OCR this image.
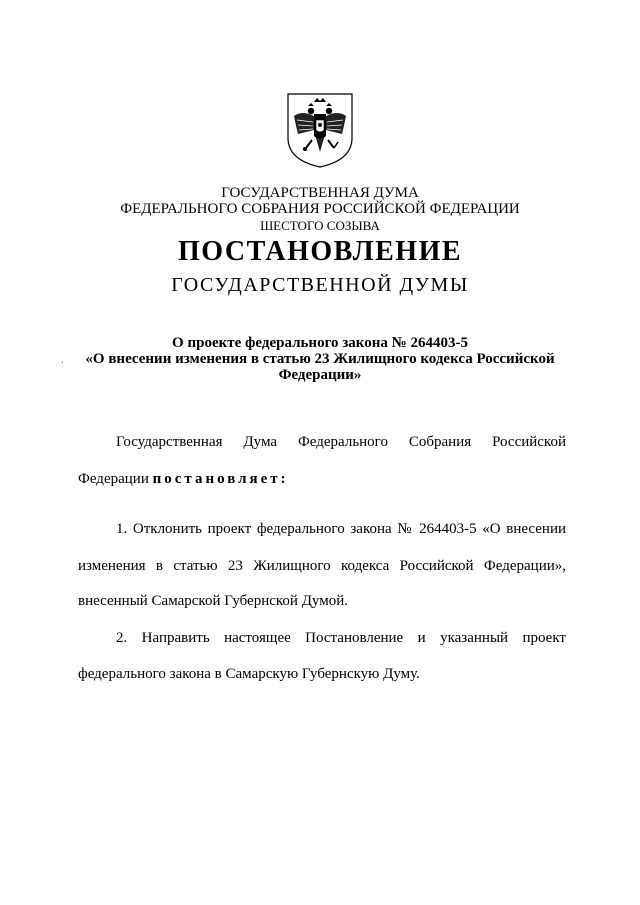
ГОСУДАРСТВЕННАЯ ДУМА
ФЕДЕРАЛЬНОГО СОБРАНИЯ РОССИЙСКОЙ ФЕДЕРАЦИИ
ШЕСТОГО СОЗЫВА
ПОСТАНОВЛЕНИЕ
ГОСУДАРСТВЕННОЙ ДУМЫ
.
О проекте федерального закона № 264403-5
«О внесении изменения в статью 23 Жилищного кодекса Российской
Федерации»
Государственная Дума Федерального Собрания Российской
Федерации постановляет:
1. Отклонить проект федерального закона № 264403-5 «О внесении
изменения в статью 23 Жилищного кодекса Российской Федерации»,
внесенный Самарской Губернской Думой.
2. Направить настоящее Постановление и указанный проект
федерального закона в Самарскую Губернскую Думу.
